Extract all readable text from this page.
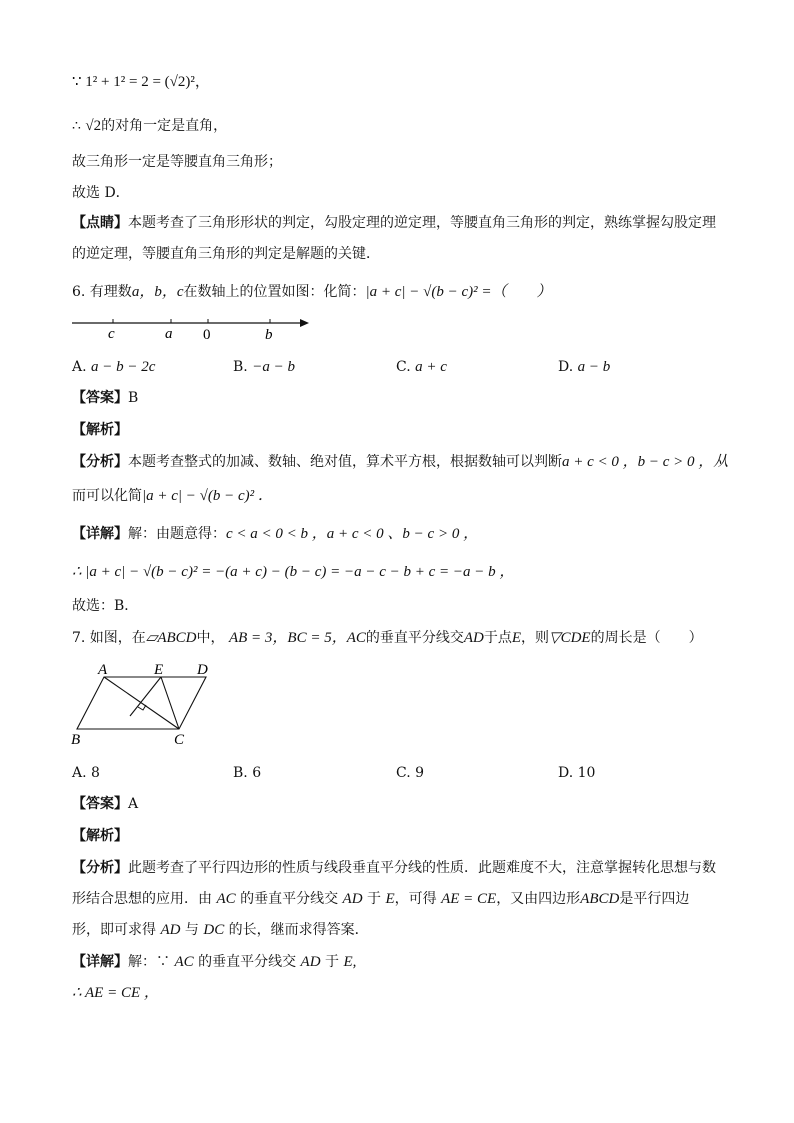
∵ 1² + 1² = 2 = (√2)²，
∴ √2的对角一定是直角，
故三角形一定是等腰直角三角形；
故选 D．
【点睛】本题考查了三角形形状的判定，勾股定理的逆定理，等腰直角三角形的判定，熟练掌握勾股定理
的逆定理，等腰直角三角形的判定是解题的关键．
6. 有理数a，b，c在数轴上的位置如图：化简：|a + c| − √(b − c)² =（　　）
c	a 0	b
A. a − b − 2c	B. −a − b	C. a + c	D. a − b
【答案】B
【解析】
【分析】本题考查整式的加减、数轴、绝对值，算术平方根，根据数轴可以判断a + c < 0 ，b − c > 0 ，从
而可以化简|a + c| − √(b − c)² ．
【详解】解：由题意得：c < a < 0 < b ，a + c < 0 、b − c > 0 ，
∴ |a + c| − √(b − c)² = −(a + c) − (b − c) = −a − c − b + c = −a − b ，
故选：B．
7. 如图，在▱ABCD中， AB = 3，BC = 5，AC的垂直平分线交AD于点E，则▽CDE的周长是（　　）
A	E D
B	C
A. 8	B. 6	C. 9	D. 10
【答案】A
【解析】
【分析】此题考查了平行四边形的性质与线段垂直平分线的性质．此题难度不大，注意掌握转化思想与数
形结合思想的应用．由 AC 的垂直平分线交 AD 于 E，可得 AE = CE，又由四边形ABCD是平行四边
形，即可求得 AD 与 DC 的长，继而求得答案．
【详解】解：∵ AC 的垂直平分线交 AD 于 E,
∴ AE = CE ，
